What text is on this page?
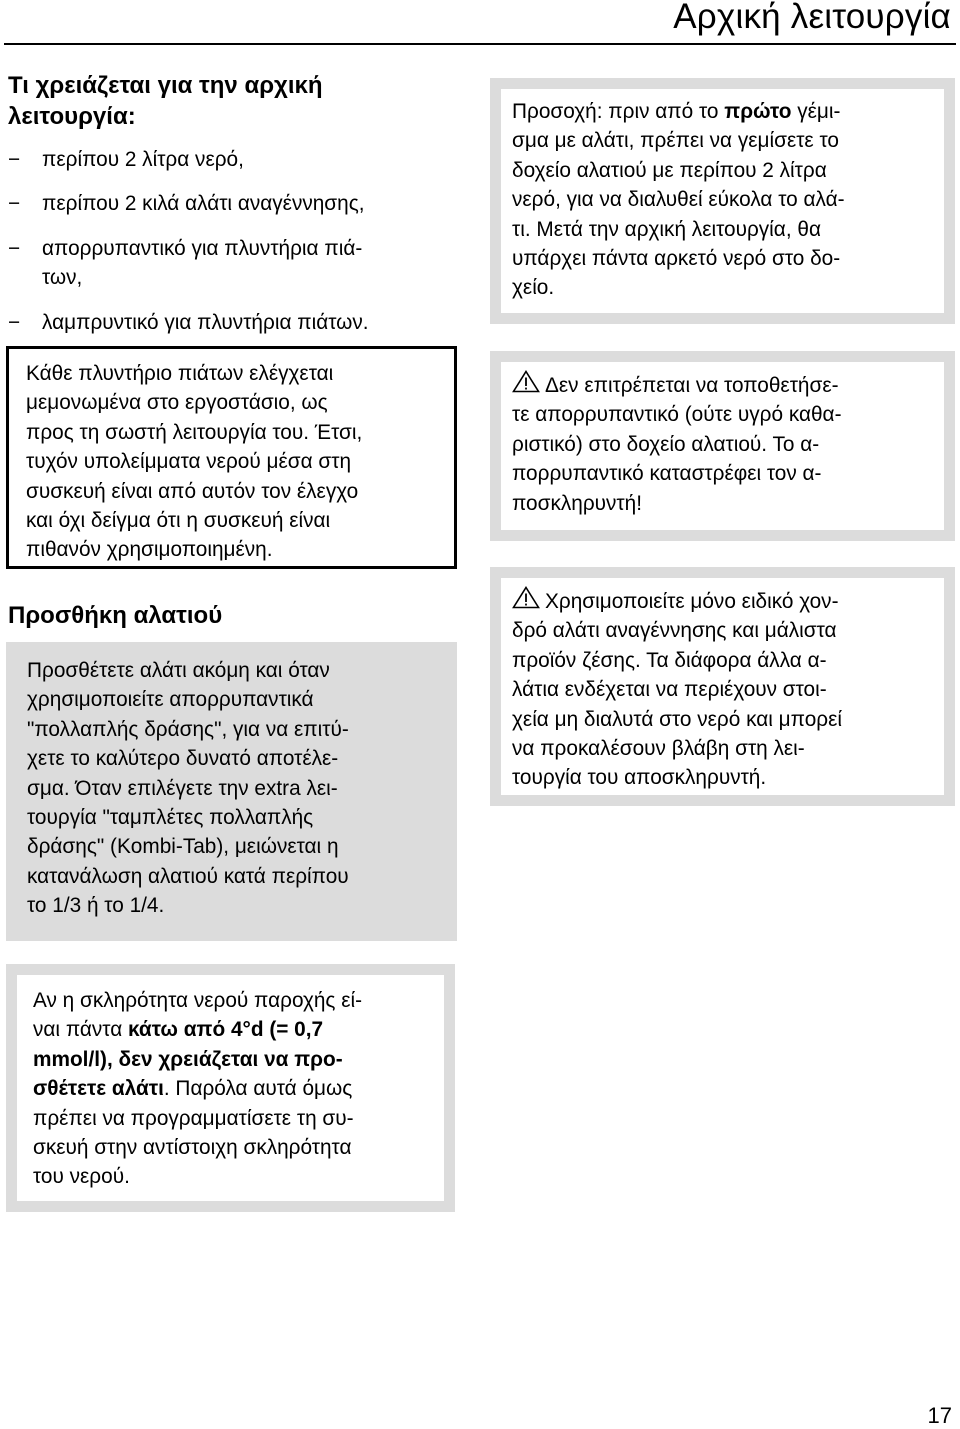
Αρχική λειτουργία
Τι χρειάζεται για την αρχική λειτουργία:
−	περίπου 2 λίτρα νερό,
−	περίπου 2 κιλά αλάτι αναγέννησης,
−	απορρυπαντικό για πλυντήρια πιά-
των,
−	λαμπρυντικό για πλυντήρια πιάτων.

Κάθε πλυντήριο πιάτων ελέγχεται
μεμονωμένα στο εργοστάσιο, ως
προς τη σωστή λειτουργία του. Έτσι,
τυχόν υπολείμματα νερού μέσα στη
συσκευή είναι από αυτόν τον έλεγχο
και όχι δείγμα ότι η συσκευή είναι
πιθανόν χρησιμοποιημένη.

Προσθήκη αλατιού

Προσθέτετε αλάτι ακόμη και όταν
χρησιμοποιείτε απορρυπαντικά
"πολλαπλής δράσης", για να επιτύ-
χετε το καλύτερο δυνατό αποτέλε-
σμα. Όταν επιλέγετε την extra λει-
τουργία "ταμπλέτες πολλαπλής
δράσης" (Kombi-Tab), μειώνεται η
κατανάλωση αλατιού κατά περίπου
το 1/3 ή το 1/4.

Προσοχή: πριν από το πρώτο γέμι-
σμα με αλάτι, πρέπει να γεμίσετε το
δοχείο αλατιού με περίπου 2 λίτρα
νερό, για να διαλυθεί εύκολα το αλά-
τι. Μετά την αρχική λειτουργία, θα
υπάρχει πάντα αρκετό νερό στο δο-
χείο.

Δεν επιτρέπεται να τοποθετήσε-
τε απορρυπαντικό (ούτε υγρό καθα-
ριστικό) στο δοχείο αλατιού. Το α-
πορρυπαντικό καταστρέφει τον α-
ποσκληρυντή!

Χρησιμοποιείτε μόνο ειδικό χον-
δρό αλάτι αναγέννησης και μάλιστα
προϊόν ζέσης. Τα διάφορα άλλα α-
λάτια ενδέχεται να περιέχουν στοι-
χεία μη διαλυτά στο νερό και μπορεί
να προκαλέσουν βλάβη στη λει-
τουργία του αποσκληρυντή.

Αν η σκληρότητα νερού παροχής εί-
ναι πάντα κάτω από 4°d (= 0,7
mmol/l), δεν χρειάζεται να προ-
σθέτετε αλάτι. Παρόλα αυτά όμως
πρέπει να προγραμματίσετε τη συ-
σκευή στην αντίστοιχη σκληρότητα
του νερού.

17
